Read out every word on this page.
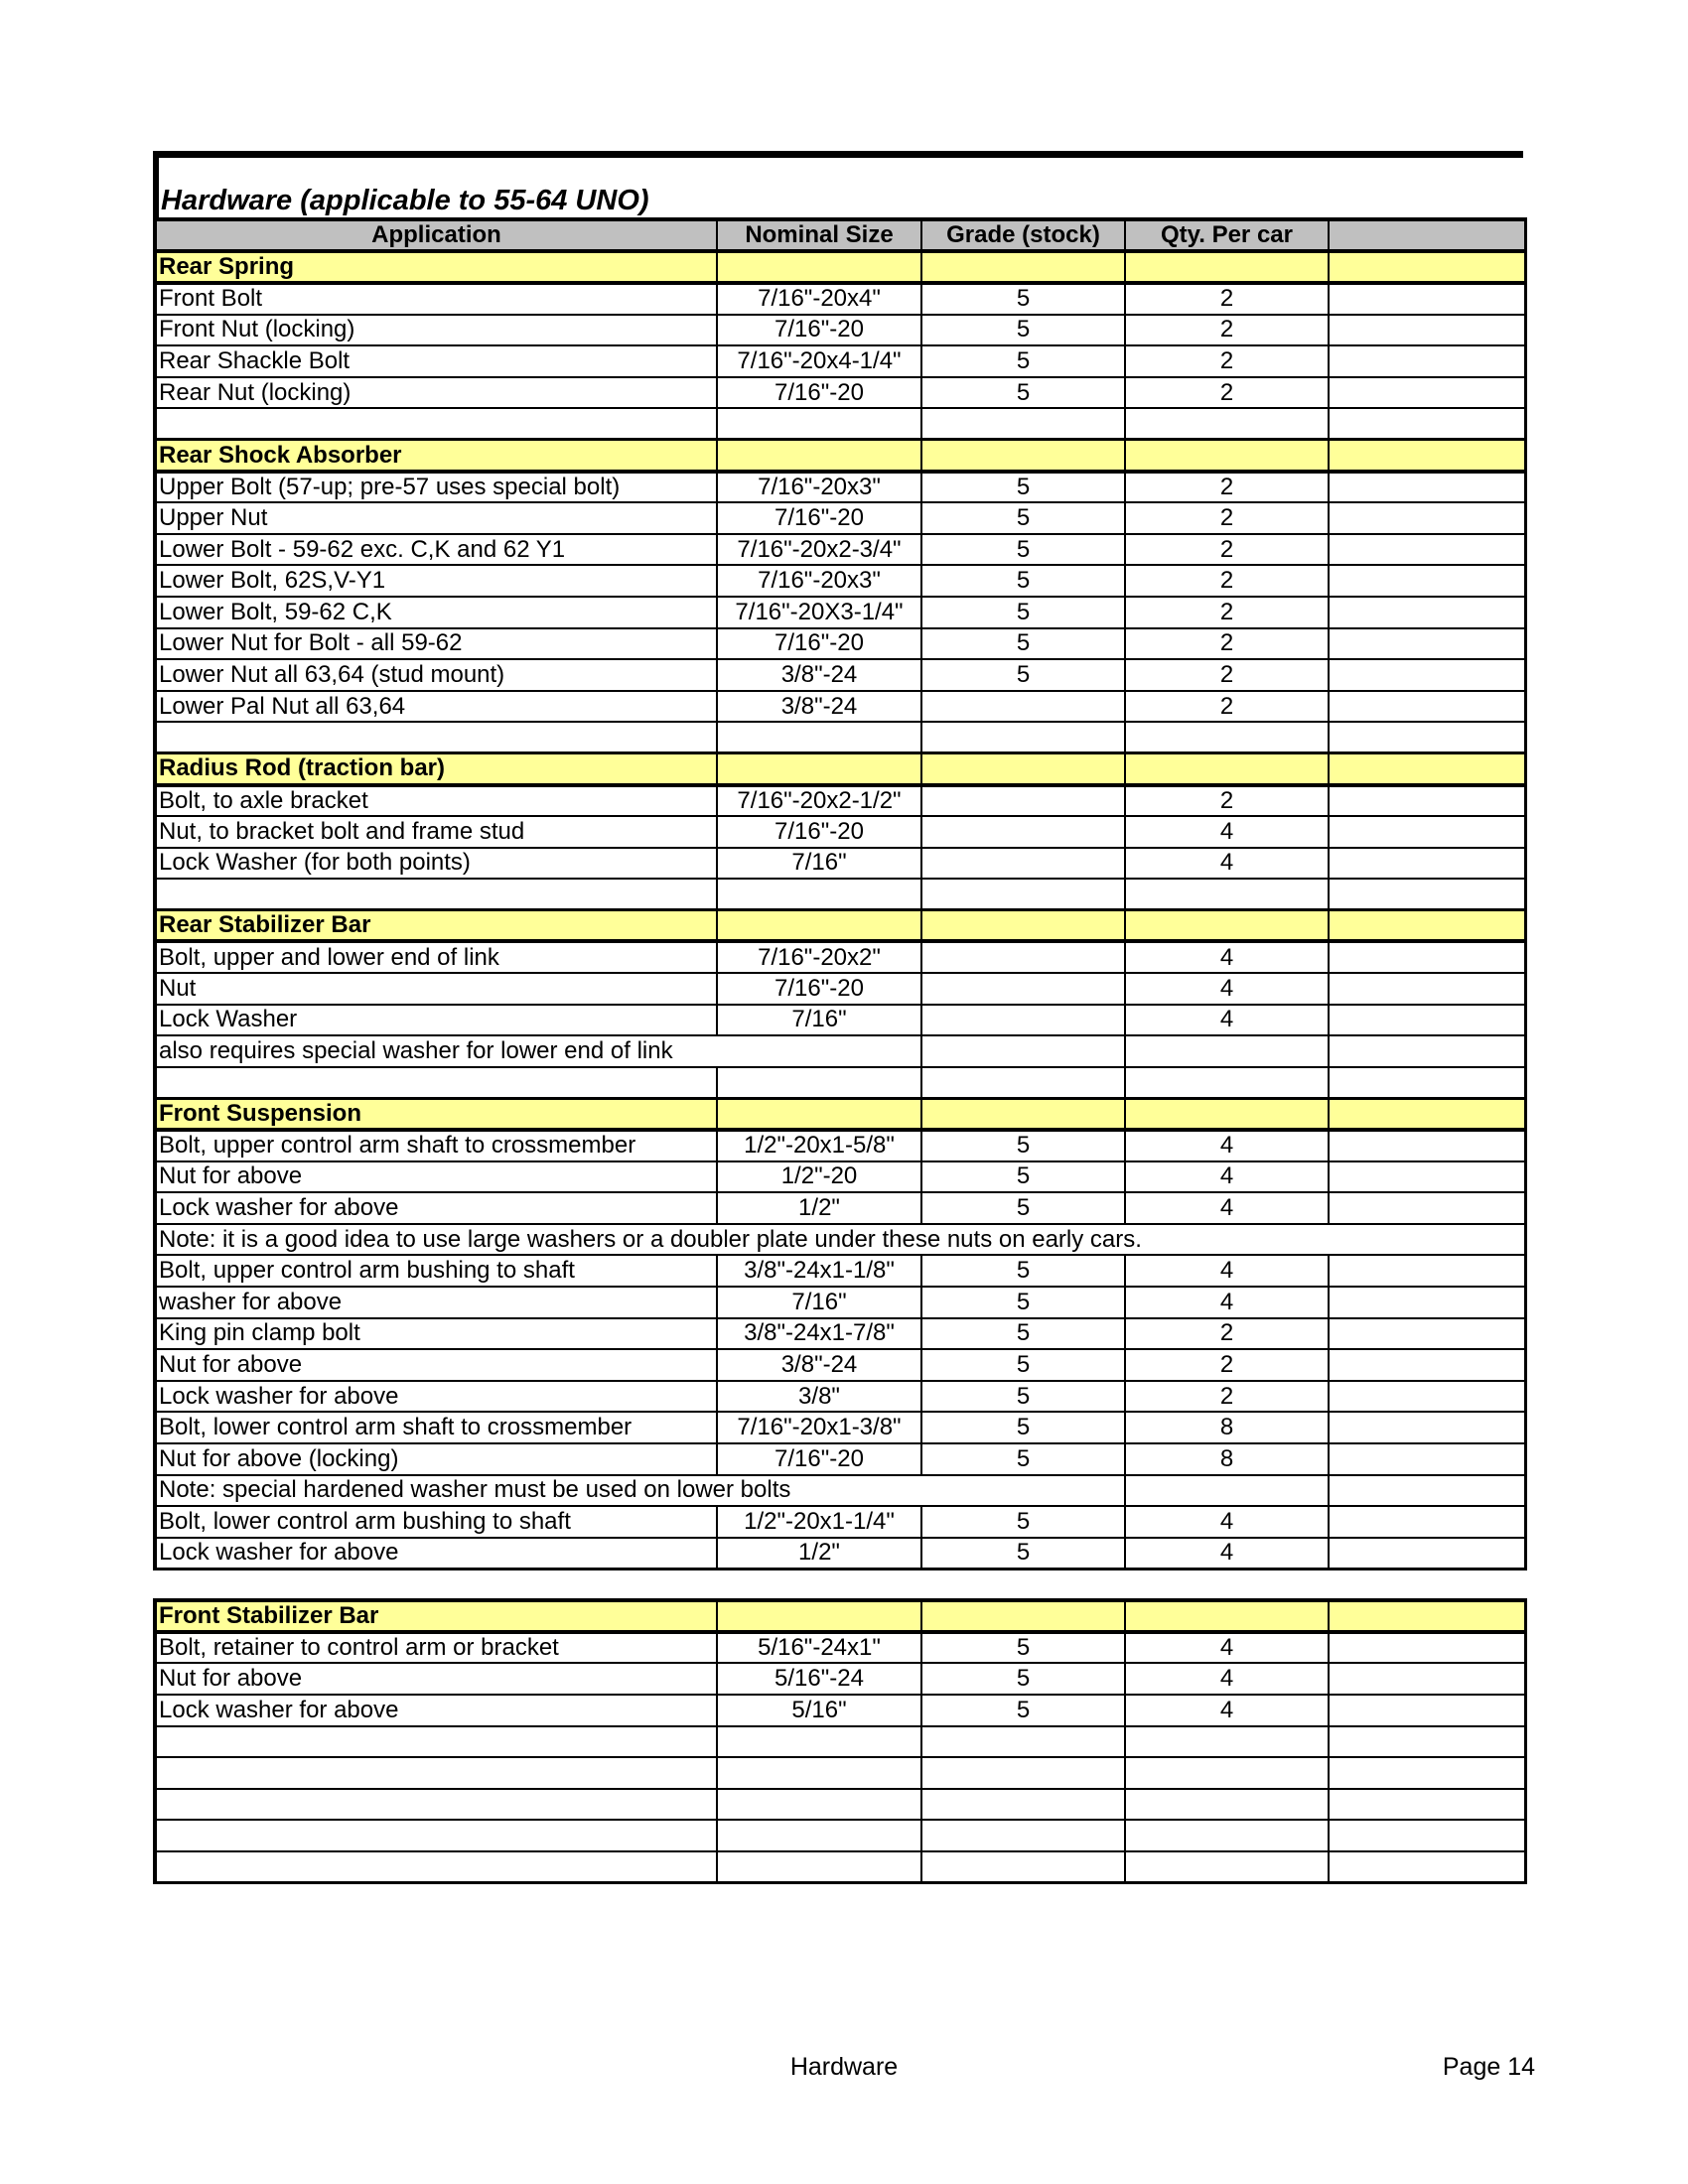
Hardware (applicable to 55-64 UNO)
Application	Nominal Size	Grade (stock)	Qty. Per car	
Rear Spring				
Front Bolt	7/16"-20x4"	5	2	
Front Nut (locking)	7/16"-20	5	2	
Rear Shackle Bolt	7/16"-20x4-1/4"	5	2	
Rear Nut (locking)	7/16"-20	5	2	

Rear Shock Absorber				
Upper Bolt (57-up; pre-57 uses special bolt)	7/16"-20x3"	5	2	
Upper Nut	7/16"-20	5	2	
Lower Bolt - 59-62 exc. C,K and 62 Y1	7/16"-20x2-3/4"	5	2	
Lower Bolt, 62S,V-Y1	7/16"-20x3"	5	2	
Lower Bolt, 59-62 C,K	7/16"-20X3-1/4"	5	2	
Lower Nut for Bolt - all 59-62	7/16"-20	5	2	
Lower Nut all 63,64 (stud mount)	3/8"-24	5	2	
Lower Pal Nut all 63,64	3/8"-24		2	

Radius Rod (traction bar)				
Bolt, to axle bracket	7/16"-20x2-1/2"		2	
Nut, to bracket bolt and frame stud	7/16"-20		4	
Lock Washer (for both points)	7/16"		4	

Rear Stabilizer Bar				
Bolt, upper and lower end of link	7/16"-20x2"		4	
Nut	7/16"-20		4	
Lock Washer	7/16"		4	
also requires special washer for lower end of link				

Front Suspension				
Bolt, upper control arm shaft to crossmember	1/2"-20x1-5/8"	5	4	
Nut for above	1/2"-20	5	4	
Lock washer for above	1/2"	5	4	
Note: it is a good idea to use large washers or a doubler plate under these nuts on early cars.				
Bolt, upper control arm bushing to shaft	3/8"-24x1-1/8"	5	4	
washer for above	7/16"	5	4	
King pin clamp bolt	3/8"-24x1-7/8"	5	2	
Nut for above	3/8"-24	5	2	
Lock washer for above	3/8"	5	2	
Bolt, lower control arm shaft to crossmember	7/16"-20x1-3/8"	5	8	
Nut for above (locking)	7/16"-20	5	8	
Note: special hardened washer must be used on lower bolts				
Bolt, lower control arm bushing to shaft	1/2"-20x1-1/4"	5	4	
Lock washer for above	1/2"	5	4	
Front Stabilizer Bar				
Bolt, retainer to control arm or bracket	5/16"-24x1"	5	4	
Nut for above	5/16"-24	5	4	
Lock washer for above	5/16"	5	4	

Hardware	Page 14
